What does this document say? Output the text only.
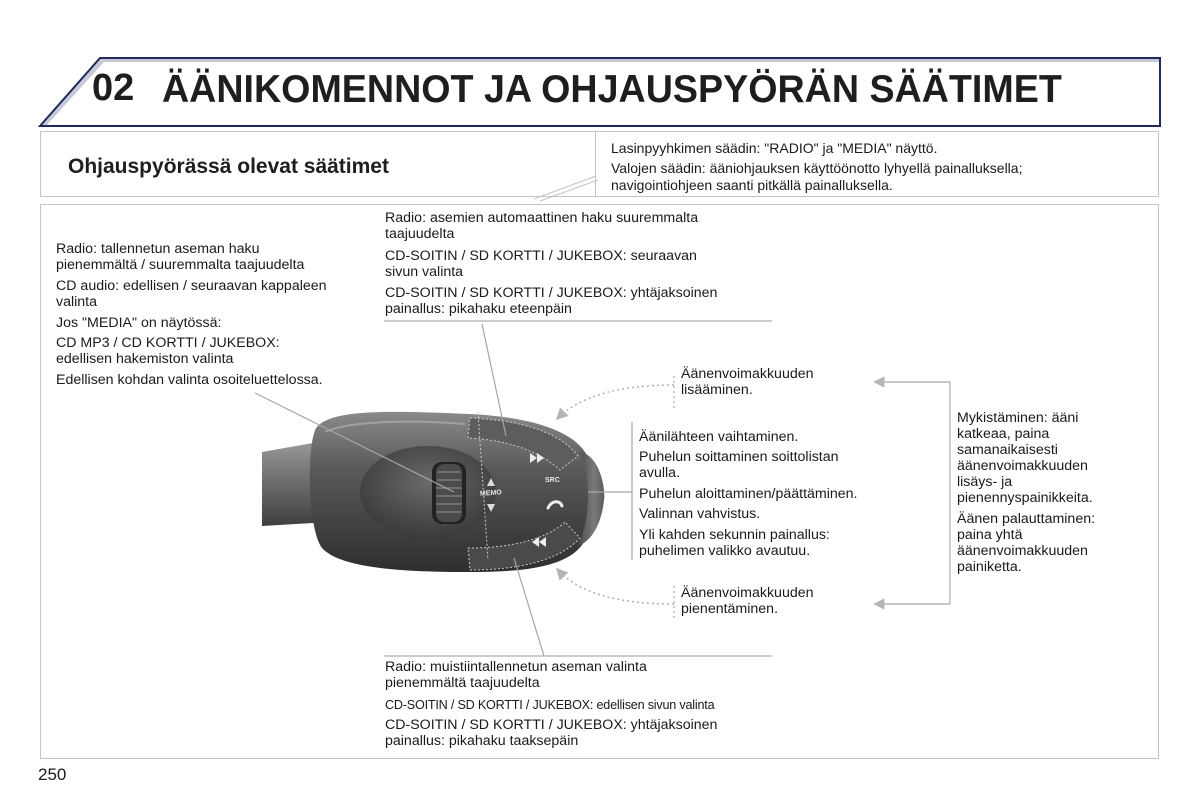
02 ÄÄNIKOMENNOT JA OHJAUSPYÖRÄN SÄÄTIMET
Ohjauspyörässä olevat säätimet
Lasinpyyhkimen säädin: "RADIO" ja "MEDIA" näyttö.
Valojen säädin: ääniohjauksen käyttöönotto lyhyellä painalluksella;
navigointiohjeen saanti pitkällä painalluksella.
MEMO
SRC
Radio: tallennetun aseman haku
pienemmältä / suuremmalta taajuudelta
CD audio: edellisen / seuraavan kappaleen
valinta
Jos "MEDIA" on näytössä:
CD MP3 / CD KORTTI / JUKEBOX:
edellisen hakemiston valinta
Edellisen kohdan valinta osoiteluettelossa.
Radio: asemien automaattinen haku suuremmalta
taajuudelta
CD-SOITIN / SD KORTTI / JUKEBOX: seuraavan
sivun valinta
CD-SOITIN / SD KORTTI / JUKEBOX: yhtäjaksoinen
painallus: pikahaku eteenpäin
Äänenvoimakkuuden
lisääminen.
Äänilähteen vaihtaminen.
Puhelun soittaminen soittolistan
avulla.
Puhelun aloittaminen/päättäminen.
Valinnan vahvistus.
Yli kahden sekunnin painallus:
puhelimen valikko avautuu.
Äänenvoimakkuuden
pienentäminen.
Mykistäminen: ääni
katkeaa, paina
samanaikaisesti
äänenvoimakkuuden
lisäys- ja
pienennyspainikkeita.
Äänen palauttaminen:
paina yhtä
äänenvoimakkuuden
painiketta.
Radio: muistiintallennetun aseman valinta
pienemmältä taajuudelta
CD-SOITIN / SD KORTTI / JUKEBOX: edellisen sivun valinta
CD-SOITIN / SD KORTTI / JUKEBOX: yhtäjaksoinen
painallus: pikahaku taaksepäin
250
